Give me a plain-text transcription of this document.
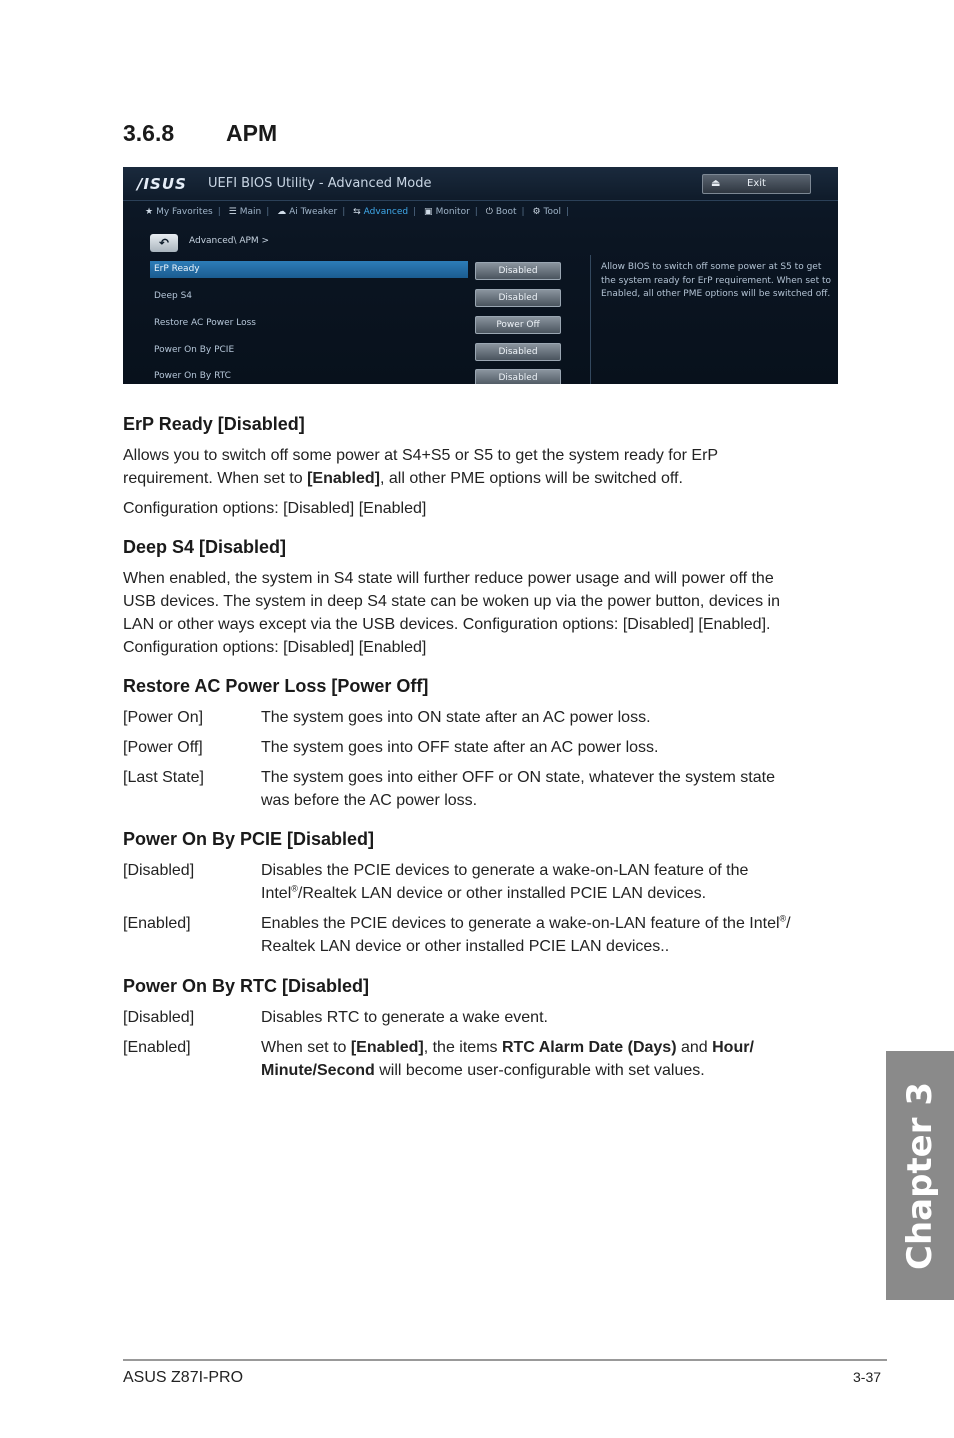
3.6.8 APM
/ISUS UEFI BIOS Utility - Advanced Mode	⏏	Exit
★ My Favorites | ☰ Main | ☁ Ai Tweaker | ⇆ Advanced | ▣ Monitor | ⏻ Boot | ⚙ Tool |
↶	Advanced\ APM >
ErP Ready	Disabled
Deep S4	Disabled
Restore AC Power Loss	Power Off
Power On By PCIE	Disabled
Power On By RTC	Disabled
Allow BIOS to switch off some power at S5 to get the system ready for ErP requirement. When set to Enabled, all other PME options will be switched off.
ErP Ready [Disabled]
Allows you to switch off some power at S4+S5 or S5 to get the system ready for ErP
requirement. When set to [Enabled], all other PME options will be switched off.
Configuration options: [Disabled] [Enabled]
Deep S4 [Disabled]
When enabled, the system in S4 state will further reduce power usage and will power off the
USB devices. The system in deep S4 state can be woken up via the power button, devices in
LAN or other ways except via the USB devices. Configuration options: [Disabled] [Enabled].
Configuration options: [Disabled] [Enabled]
Restore AC Power Loss [Power Off]
[Power On]	The system goes into ON state after an AC power loss.
[Power Off]	The system goes into OFF state after an AC power loss.
[Last State]	The system goes into either OFF or ON state, whatever the system state
was before the AC power loss.
Power On By PCIE [Disabled]
[Disabled]	Disables the PCIE devices to generate a wake-on-LAN feature of the
Intel®/Realtek LAN device or other installed PCIE LAN devices.
[Enabled]	Enables the PCIE devices to generate a wake-on-LAN feature of the Intel®/
Realtek LAN device or other installed PCIE LAN devices..
Power On By RTC [Disabled]
[Disabled]	Disables RTC to generate a wake event.
[Enabled]	When set to [Enabled], the items RTC Alarm Date (Days) and Hour/
Minute/Second will become user-configurable with set values.
Chapter 3
ASUS Z87I-PRO	3-37
